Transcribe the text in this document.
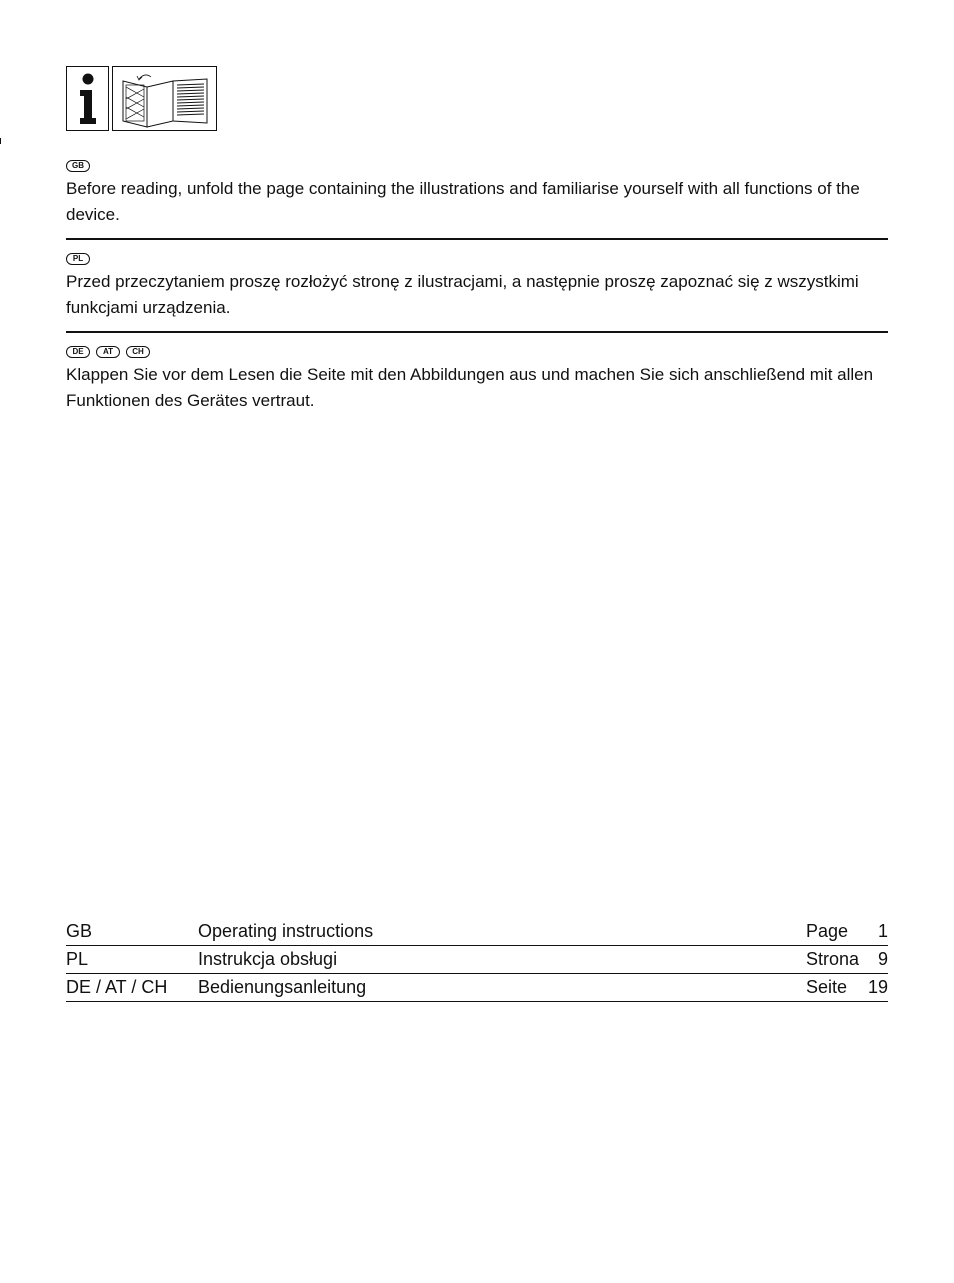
GB

Before reading, unfold the page containing the illustrations and familiarise yourself with all functions of the device.

PL

Przed przeczytaniem proszę rozłożyć stronę z ilustracjami, a następnie proszę zapoznać się z wszystkimi funkcjami urządzenia.

DE	AT	CH

Klappen Sie vor dem Lesen die Seite mit den Abbildungen aus und machen Sie sich anschließend mit allen Funktionen des Gerätes vertraut.

GB	Operating instructions	Page	1
PL	Instrukcja obsługi	Strona	9
DE / AT / CH	Bedienungsanleitung	Seite	19
